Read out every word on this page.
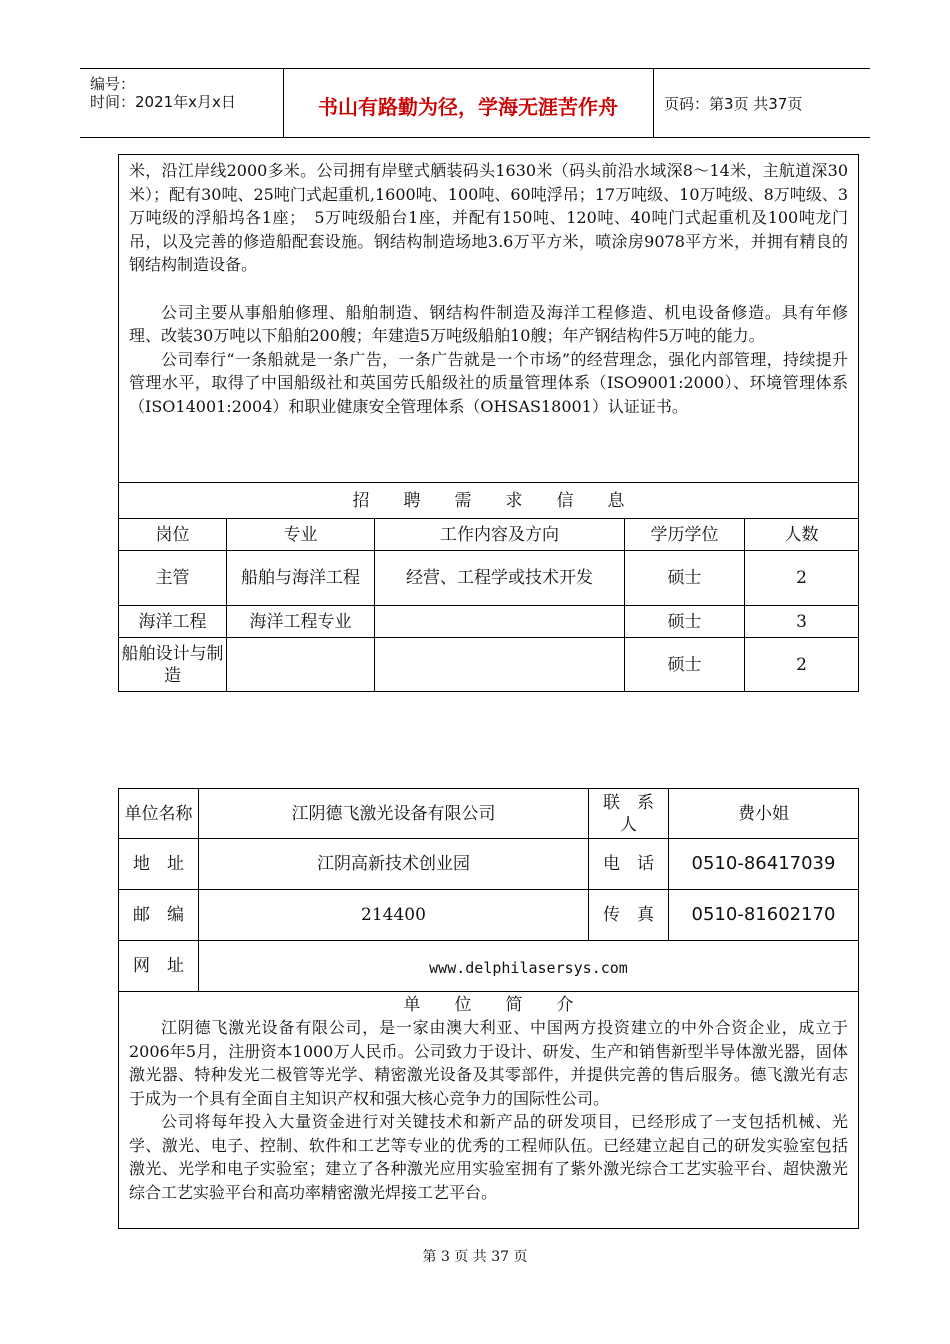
编号：
时间：2021年x月x日	书山有路勤为径，学海无涯苦作舟	页码：第3页 共37页

米，沿江岸线2000多米。公司拥有岸壁式舾装码头1630米（码头前沿水域深8～14米，主航道深30米）；配有30吨、25吨门式起重机,1600吨、100吨、60吨浮吊；17万吨级、10万吨级、8万吨级、3万吨级的浮船坞各1座；　5万吨级船台1座，并配有150吨、120吨、40吨门式起重机及100吨龙门吊，以及完善的修造船配套设施。钢结构制造场地3.6万平方米，喷涂房9078平方米，并拥有精良的钢结构制造设备。

公司主要从事船舶修理、船舶制造、钢结构件制造及海洋工程修造、机电设备修造。具有年修理、改装30万吨以下船舶200艘；年建造5万吨级船舶10艘；年产钢结构件5万吨的能力。

公司奉行“一条船就是一条广告，一条广告就是一个市场”的经营理念，强化内部管理，持续提升管理水平，取得了中国船级社和英国劳氏船级社的质量管理体系（ISO9001:2000）、环境管理体系（ISO14001:2004）和职业健康安全管理体系（OHSAS18001）认证证书。				

招　　聘　　需　　求　　信　　息				
岗位	专业	工作内容及方向	学历学位	人数
主管	船舶与海洋工程	经营、工程学或技术开发	硕士	2
海洋工程	海洋工程专业		硕士	3
船舶设计与制造			硕士	2
单位名称	江阴德飞激光设备有限公司	联　系　人	费小姐
地　址	江阴高新技术创业园	电　话	0510-86417039
邮　编	214400	传　真	0510-81602170
网　址	www.delphilasersys.com		

单　　位　　简　　介

江阴德飞激光设备有限公司，是一家由澳大利亚、中国两方投资建立的中外合资企业，成立于2006年5月，注册资本1000万人民币。公司致力于设计、研发、生产和销售新型半导体激光器，固体激光器、特种发光二极管等光学、精密激光设备及其零部件，并提供完善的售后服务。德飞激光有志于成为一个具有全面自主知识产权和强大核心竞争力的国际性公司。

公司将每年投入大量资金进行对关键技术和新产品的研发项目，已经形成了一支包括机械、光学、激光、电子、控制、软件和工艺等专业的优秀的工程师队伍。已经建立起自己的研发实验室包括激光、光学和电子实验室；建立了各种激光应用实验室拥有了紫外激光综合工艺实验平台、超快激光综合工艺实验平台和高功率精密激光焊接工艺平台。			

第 3 页 共 37 页
